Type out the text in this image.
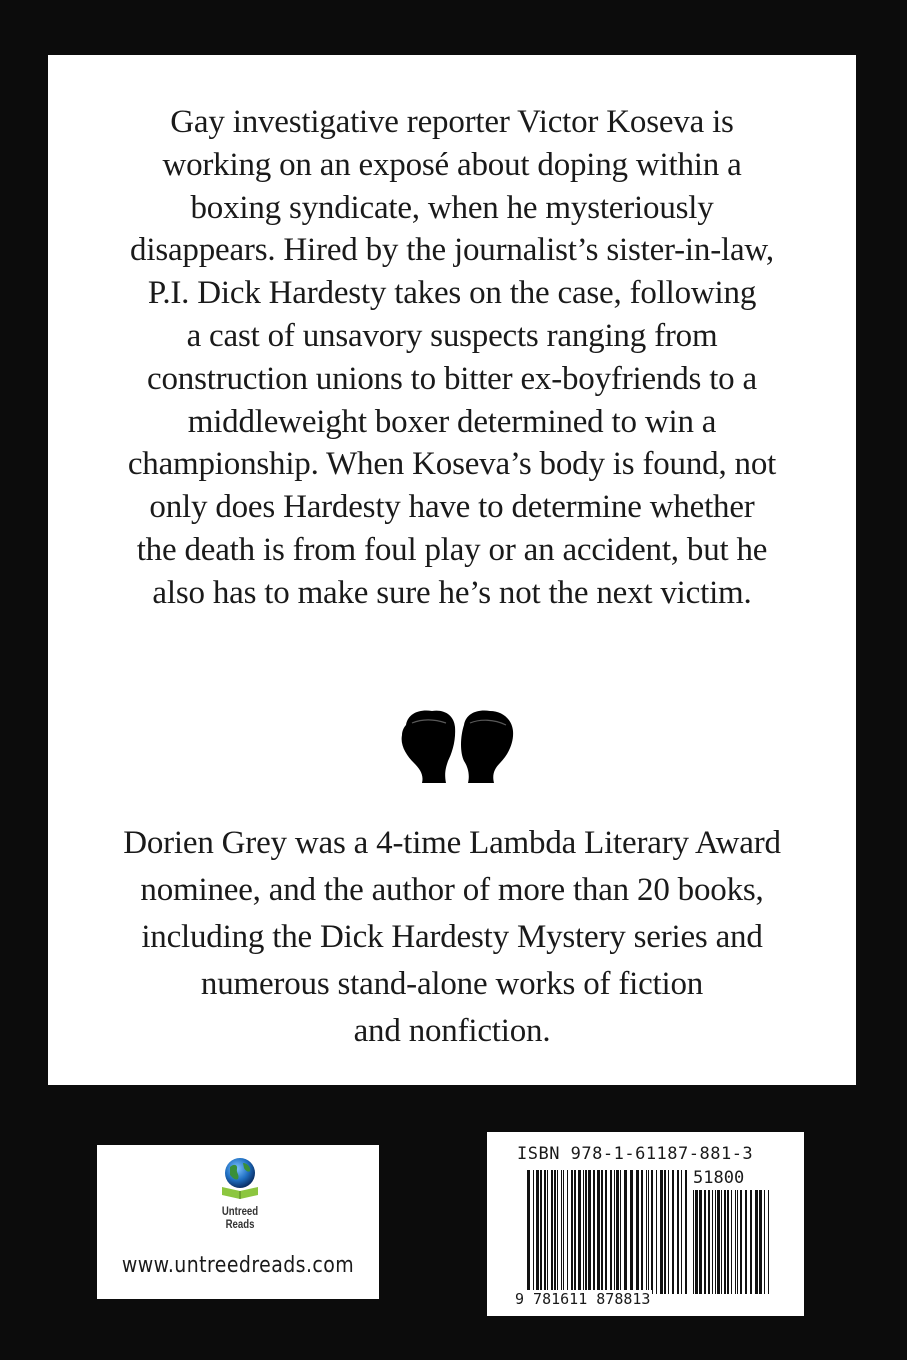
Gay investigative reporter Victor Koseva is
working on an exposé about doping within a
boxing syndicate, when he mysteriously
disappears. Hired by the journalist’s sister-in-law,
P.I. Dick Hardesty takes on the case, following
a cast of unsavory suspects ranging from
construction unions to bitter ex-boyfriends to a
middleweight boxer determined to win a
championship. When Koseva’s body is found, not
only does Hardesty have to determine whether
the death is from foul play or an accident, but he
also has to make sure he’s not the next victim.

Dorien Grey was a 4-time Lambda Literary Award
nominee, and the author of more than 20 books,
including the Dick Hardesty Mystery series and
numerous stand-alone works of fiction
and nonfiction.

Untreed
Reads
www.untreedreads.com
ISBN 978-1-61187-881-3
51800
9 781611 878813
